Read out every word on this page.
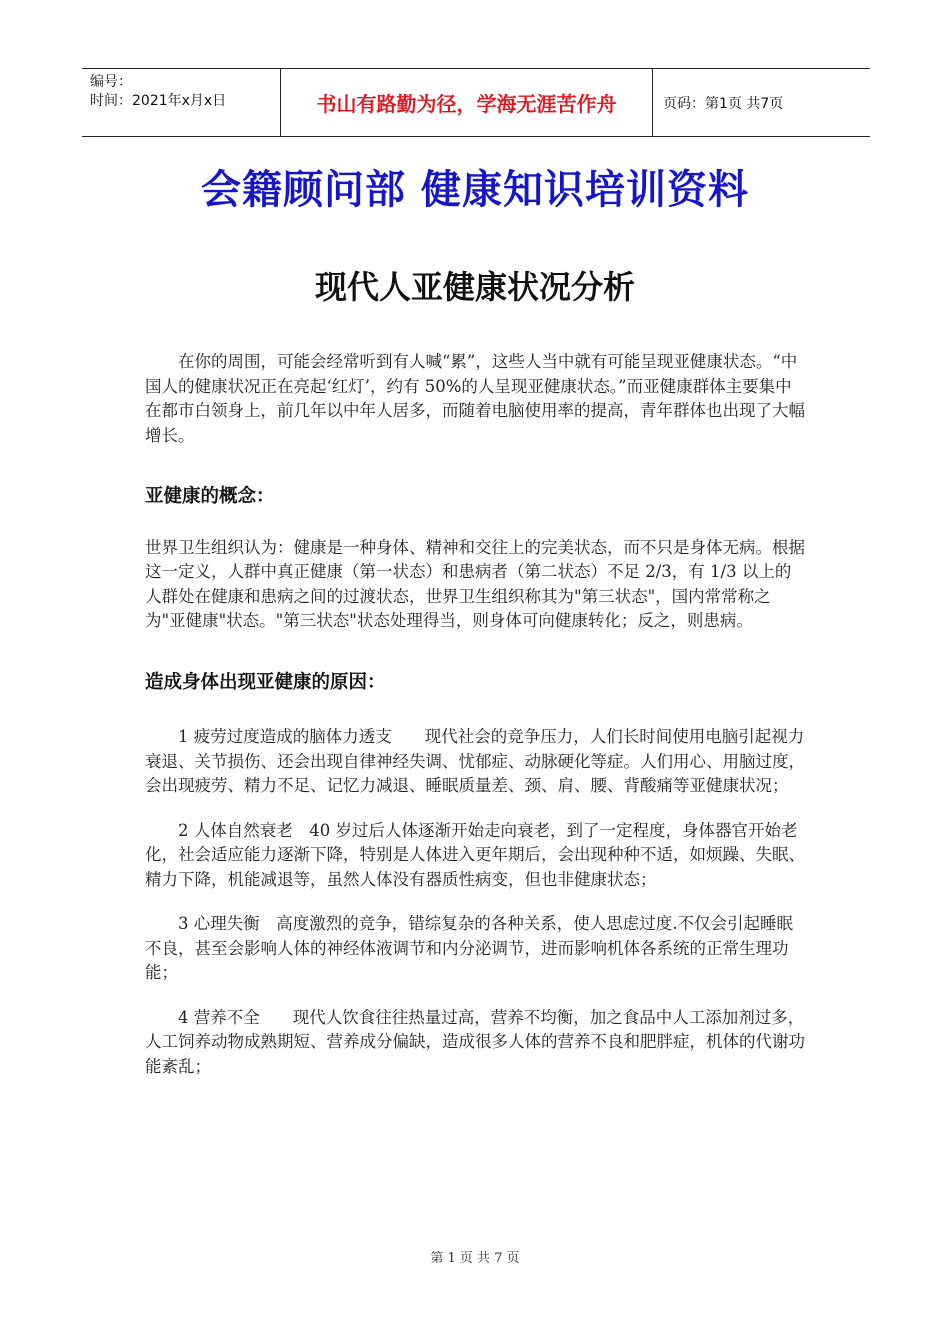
编号：
时间：2021年x月x日	书山有路勤为径，学海无涯苦作舟	页码：第1页 共7页
会籍顾问部 健康知识培训资料
现代人亚健康状况分析

在你的周围，可能会经常听到有人喊“累”，这些人当中就有可能呈现亚健康状态。“中国人的健康状况正在亮起‘红灯’，约有 50%的人呈现亚健康状态。”而亚健康群体主要集中在都市白领身上，前几年以中年人居多，而随着电脑使用率的提高，青年群体也出现了大幅增长。

亚健康的概念：

世界卫生组织认为：健康是一种身体、精神和交往上的完美状态，而不只是身体无病。根据这一定义，人群中真正健康（第一状态）和患病者（第二状态）不足 2/3，有 1/3 以上的人群处在健康和患病之间的过渡状态，世界卫生组织称其为"第三状态"，国内常常称之为"亚健康"状态。"第三状态"状态处理得当，则身体可向健康转化；反之，则患病。

造成身体出现亚健康的原因：

1 疲劳过度造成的脑体力透支　　现代社会的竞争压力，人们长时间使用电脑引起视力衰退、关节损伤、还会出现自律神经失调、忧郁症、动脉硬化等症。人们用心、用脑过度，会出现疲劳、精力不足、记忆力减退、睡眠质量差、颈、肩、腰、背酸痛等亚健康状况；

2 人体自然衰老　40 岁过后人体逐渐开始走向衰老，到了一定程度，身体器官开始老化，社会适应能力逐渐下降，特别是人体进入更年期后，会出现种种不适，如烦躁、失眠、精力下降，机能减退等，虽然人体没有器质性病变，但也非健康状态；

3 心理失衡　高度激烈的竞争，错综复杂的各种关系，使人思虑过度.不仅会引起睡眠不良，甚至会影响人体的神经体液调节和内分泌调节，进而影响机体各系统的正常生理功能；

4 营养不全　　现代人饮食往往热量过高，营养不均衡，加之食品中人工添加剂过多，人工饲养动物成熟期短、营养成分偏缺，造成很多人体的营养不良和肥胖症，机体的代谢功能紊乱；

第 1 页 共 7 页
